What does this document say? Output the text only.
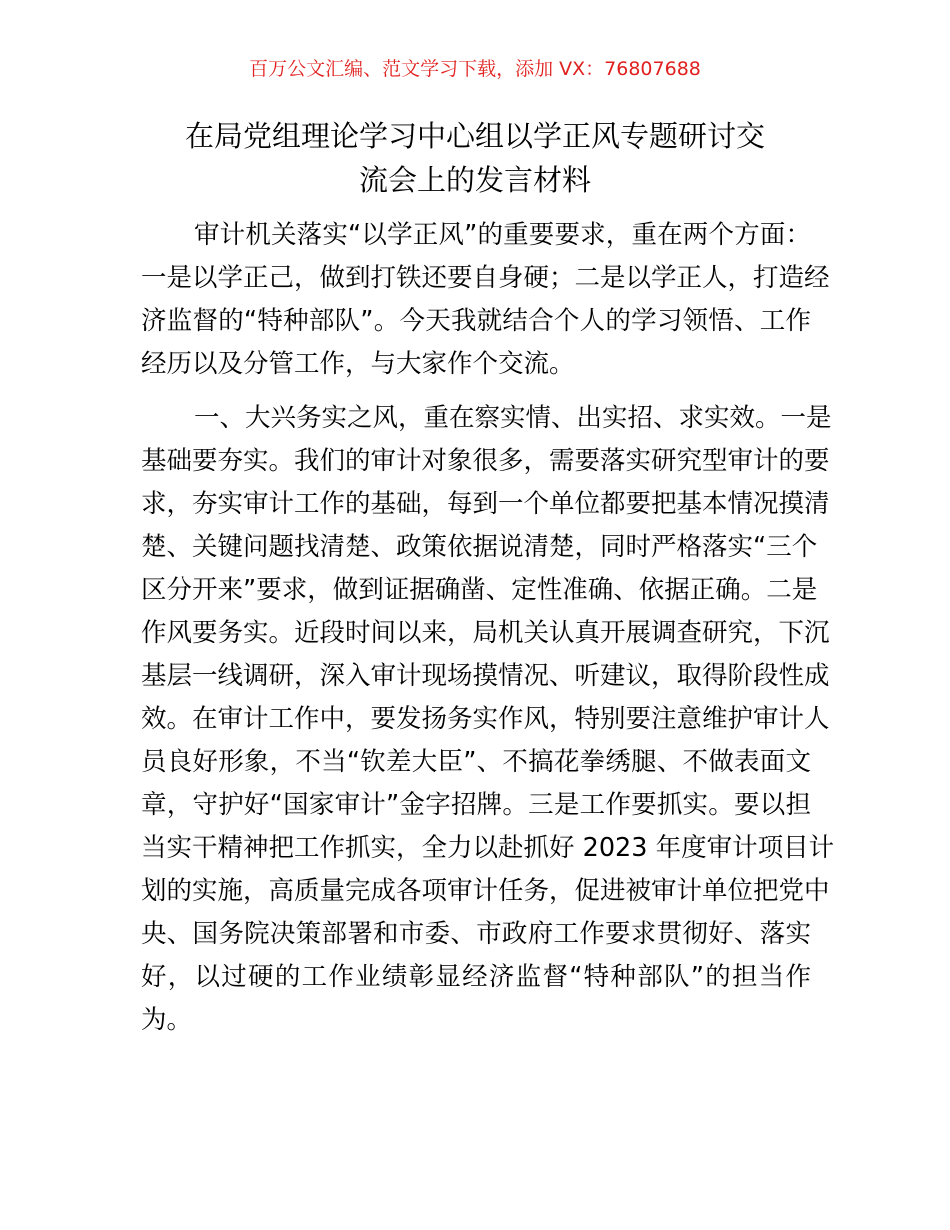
百万公文汇编、范文学习下载，添加 VX：76807688
在局党组理论学习中心组以学正风专题研讨交
流会上的发言材料
审计机关落实“以学正风”的重要要求，重在两个方面：
一是以学正己，做到打铁还要自身硬；二是以学正人，打造经
济监督的“特种部队”。今天我就结合个人的学习领悟、工作
经历以及分管工作，与大家作个交流。
一、大兴务实之风，重在察实情、出实招、求实效。一是
基础要夯实。我们的审计对象很多，需要落实研究型审计的要
求，夯实审计工作的基础，每到一个单位都要把基本情况摸清
楚、关键问题找清楚、政策依据说清楚，同时严格落实“三个
区分开来”要求，做到证据确凿、定性准确、依据正确。二是
作风要务实。近段时间以来，局机关认真开展调查研究，下沉
基层一线调研，深入审计现场摸情况、听建议，取得阶段性成
效。在审计工作中，要发扬务实作风，特别要注意维护审计人
员良好形象，不当“钦差大臣”、不搞花拳绣腿、不做表面文
章，守护好“国家审计”金字招牌。三是工作要抓实。要以担
当实干精神把工作抓实，全力以赴抓好 2023 年度审计项目计
划的实施，高质量完成各项审计任务，促进被审计单位把党中
央、国务院决策部署和市委、市政府工作要求贯彻好、落实
好，以过硬的工作业绩彰显经济监督“特种部队”的担当作
为。
